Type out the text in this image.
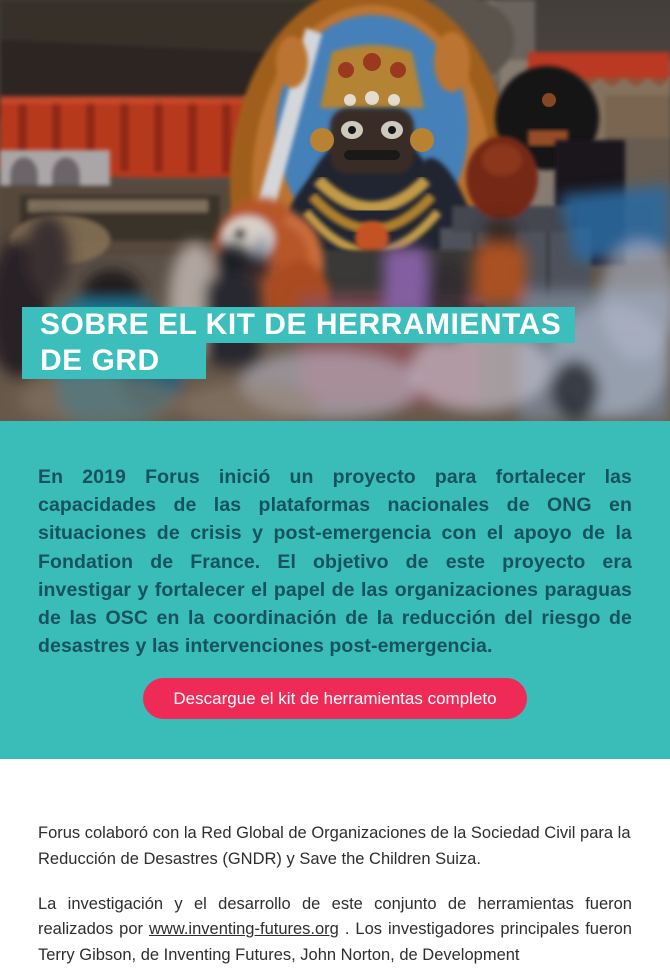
SOBRE EL KIT DE HERRAMIENTAS
DE GRD

En 2019 Forus inició un proyecto para fortalecer las capacidades de las plataformas nacionales de ONG en situaciones de crisis y post-emergencia con el apoyo de la Fondation de France. El objetivo de este proyecto era investigar y fortalecer el papel de las organizaciones paraguas de las OSC en la coordinación de la reducción del riesgo de desastres y las intervenciones post-emergencia.

Descargue el kit de herramientas completo

Forus colaboró con la Red Global de Organizaciones de la Sociedad Civil para la Reducción de Desastres (GNDR) y Save the Children Suiza.

La investigación y el desarrollo de este conjunto de herramientas fueron realizados por www.inventing-futures.org . Los investigadores principales fueron Terry Gibson, de Inventing Futures, John Norton, de Development
